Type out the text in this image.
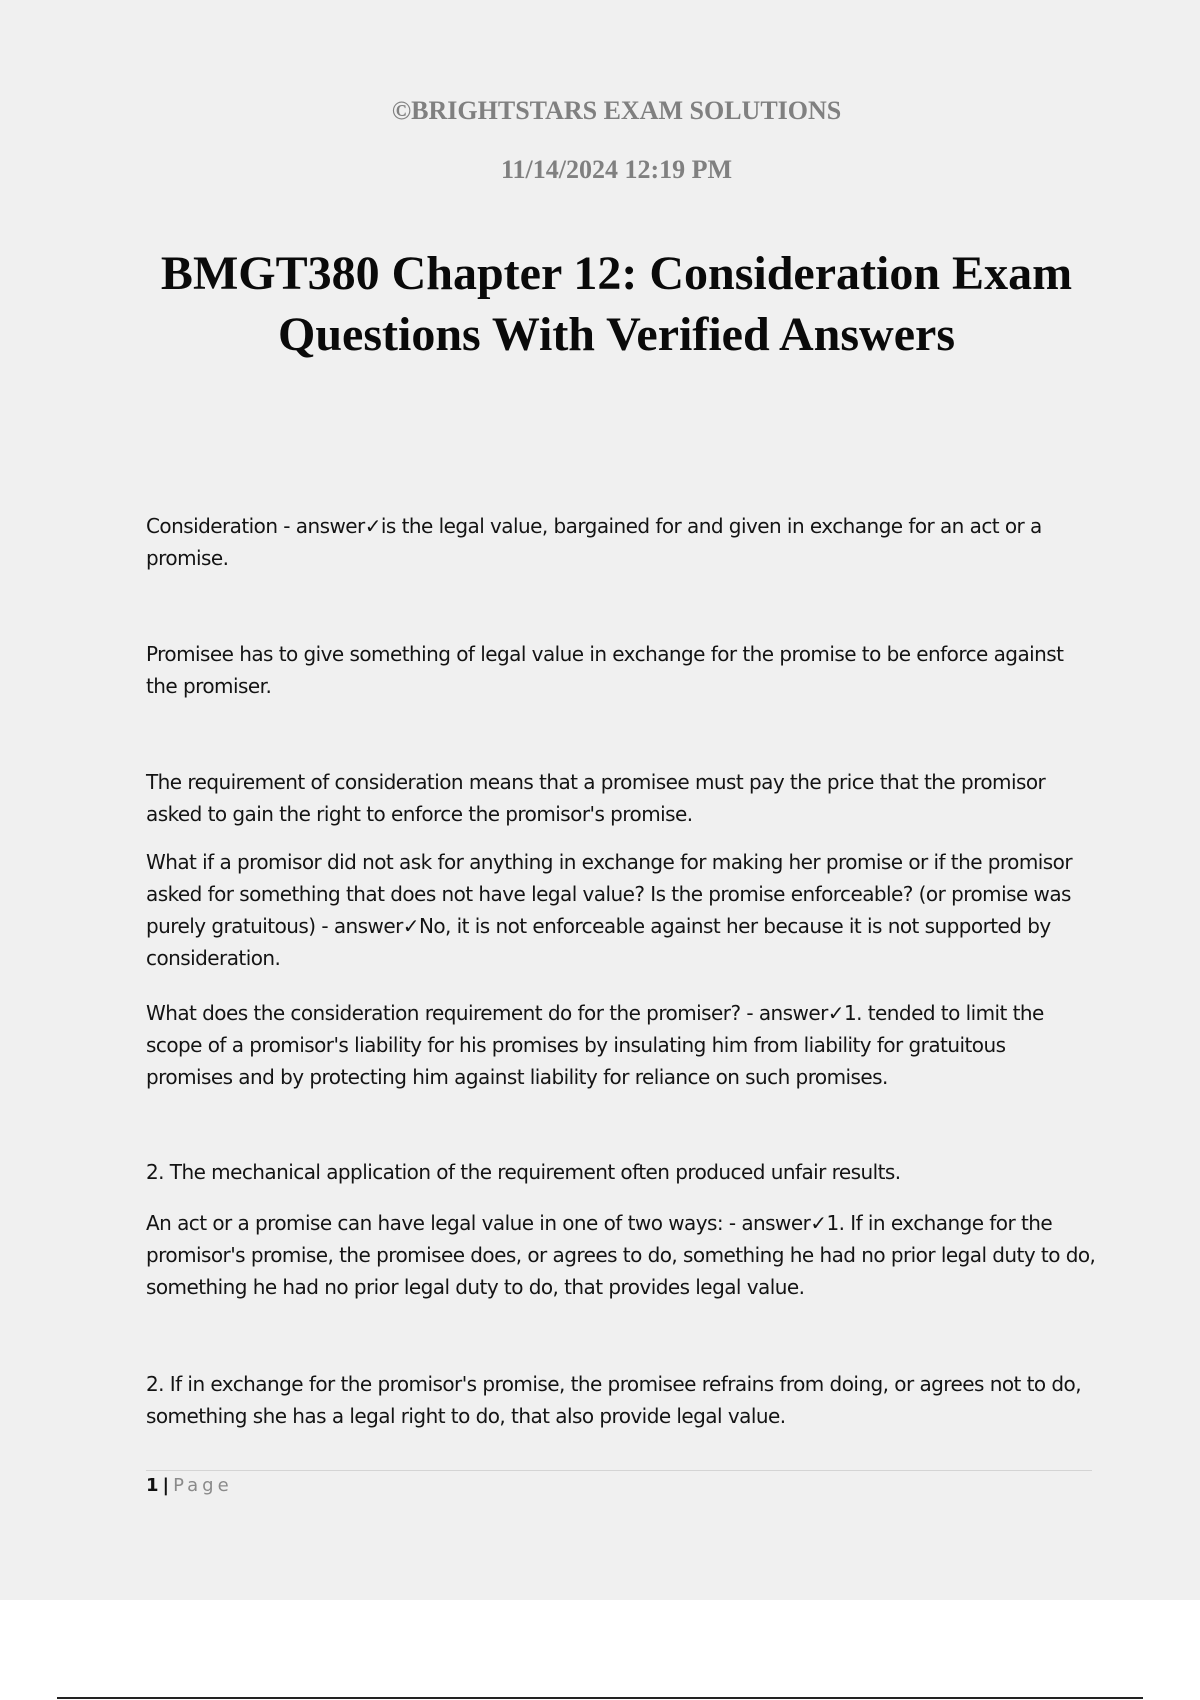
©BRIGHTSTARS EXAM SOLUTIONS
11/14/2024 12:19 PM
BMGT380 Chapter 12: Consideration Exam
Questions With Verified Answers
Consideration - answer✓is the legal value, bargained for and given in exchange for an act or a promise.
Promisee has to give something of legal value in exchange for the promise to be enforce against the promiser.
The requirement of consideration means that a promisee must pay the price that the promisor asked to gain the right to enforce the promisor's promise.
What if a promisor did not ask for anything in exchange for making her promise or if the promisor asked for something that does not have legal value? Is the promise enforceable? (or promise was purely gratuitous) - answer✓No, it is not enforceable against her because it is not supported by consideration.
What does the consideration requirement do for the promiser? - answer✓1. tended to limit the scope of a promisor's liability for his promises by insulating him from liability for gratuitous promises and by protecting him against liability for reliance on such promises.
2. The mechanical application of the requirement often produced unfair results.
An act or a promise can have legal value in one of two ways: - answer✓1. If in exchange for the promisor's promise, the promisee does, or agrees to do, something he had no prior legal duty to do, something he had no prior legal duty to do, that provides legal value.
2. If in exchange for the promisor's promise, the promisee refrains from doing, or agrees not to do, something she has a legal right to do, that also provide legal value.
1 | Page
